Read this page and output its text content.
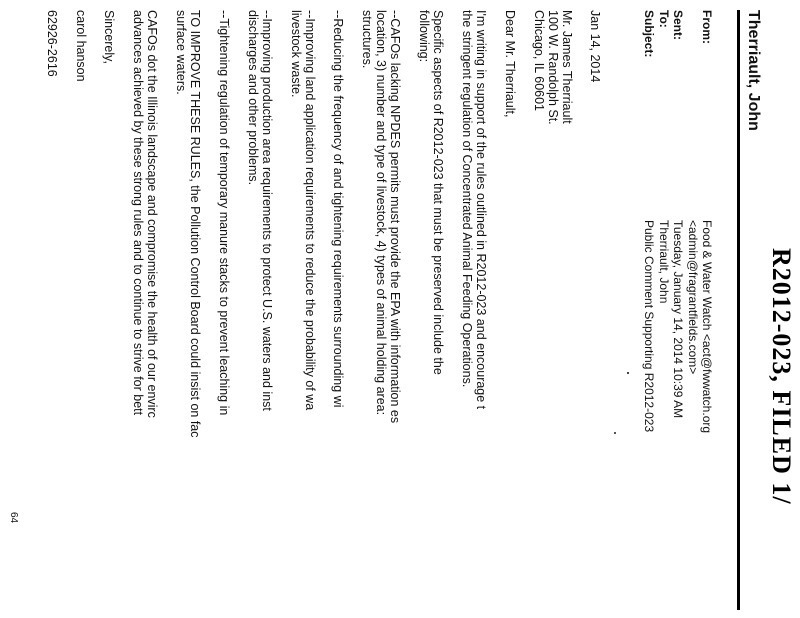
R2012-023, FILED 1/
Therriault, John
From:
Food & Water Watch <act@fwwatch.org
<admin@fragrantfields.com>
Sent:
Tuesday, January 14, 2014 10:39 AM
To:
Therriault, John
Subject:
Public Comment Supporting R2012-023
Jan 14, 2014
Mr. James Therriault
100 W. Randolph St.
Chicago, IL 60601
Dear Mr. Therriault,
I'm writing in support of the rules outlined in R2012-023 and encourage t
the stringent regulation of Concentrated Animal Feeding Operations.
Specific aspects of R2012-023 that must be preserved include the
following:
--CAFOs lacking NPDES permits must provide the EPA with information es
location, 3) number and type of livestock, 4) types of animal holding area:
structures.
--Reducing the frequency of and tightening requirements surrounding wi
--Improving land application requirements to reduce the probability of wa
livestock waste.
--Improving production area requirements to protect U.S. waters and inst
discharges and other problems.
--Tightening regulation of temporary manure stacks to prevent leaching in
TO IMPROVE THESE RULES, the Pollution Control Board could insist on fac
surface waters.
CAFOs dot the Illinois landscape and compromise the health of our envirc
advances achieved by these strong rules and to continue to strive for bett
Sincerely,
carol hanson
62926-2616
64
